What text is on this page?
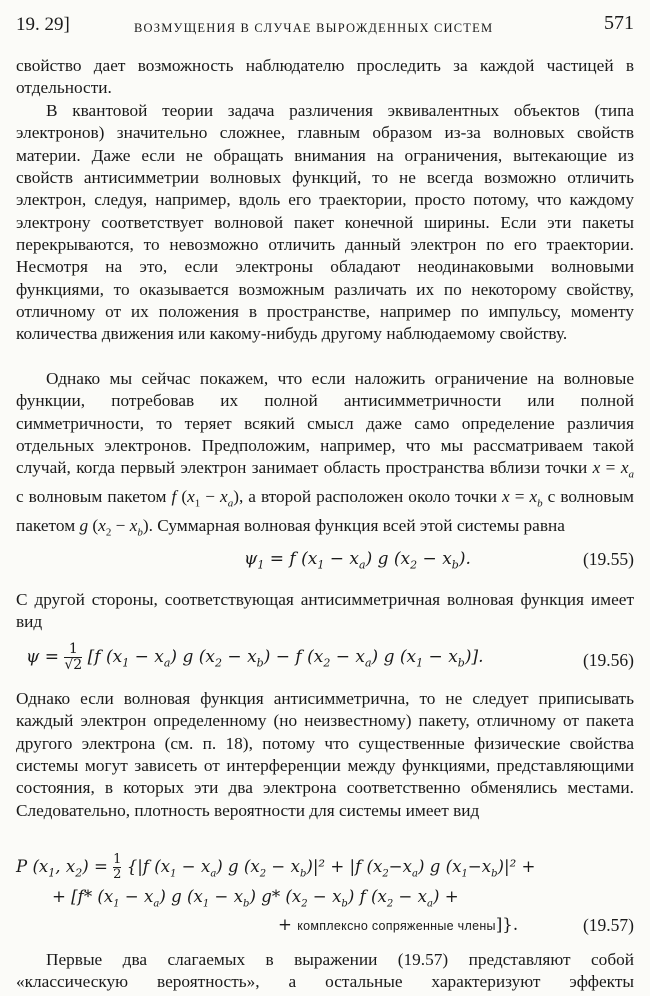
19. 29]	ВОЗМУЩЕНИЯ В СЛУЧАЕ ВЫРОЖДЕННЫХ СИСТЕМ	571

свойство дает возможность наблюдателю проследить за каждой частицей в отдельности.

В квантовой теории задача различения эквивалентных объектов (типа электронов) значительно сложнее, главным образом из-за волновых свойств материи. Даже если не обращать внимания на ограничения, вытекающие из свойств антисимметрии волновых функций, то не всегда возможно отличить электрон, следуя, например, вдоль его траектории, просто потому, что каждому электрону соответствует волновой пакет конечной ширины. Если эти пакеты перекрываются, то невозможно отличить данный электрон по его траектории. Несмотря на это, если электроны обладают неодинаковыми волновыми функциями, то оказывается возможным различать их по некоторому свойству, отличному от их положения в пространстве, например по импульсу, моменту количества движения или какому-нибудь другому наблюдаемому свойству.

Однако мы сейчас покажем, что если наложить ограничение на волновые функции, потребовав их полной антисимметричности или полной симметричности, то теряет всякий смысл даже само определение различия отдельных электронов. Предположим, например, что мы рассматриваем такой случай, когда первый электрон занимает область пространства вблизи точки $x = x_a$ с волновым пакетом f $(x_1 - x_a)$, а второй расположен около точки $x = x_b$ с волновым пакетом g $(x_2 - x_b)$. Суммарная волновая функция всей этой системы равна

$\psi_1 = f$ $(x_1 - x_a)$ g $(x_2 - x_b)$.	(19.55)

С другой стороны, соответствующая антисимметричная волновая функция имеет вид

$\psi = \frac{1}{√2} [f$ $(x_1 - x_a)$ g $(x_2 - x_b) - f$ $(x_2 - x_a)$ g $(x_1 - x_b)$].	(19.56)

Однако если волновая функция антисимметрична, то не следует приписывать каждый электрон определенному (но неизвестному) пакету, отличному от пакета другого электрона (см. п. 18), потому что существенные физические свойства системы могут зависеть от интерференции между функциями, представляющими состояния, в которых эти два электрона соответственно обменялись местами. Следовательно, плотность вероятности для системы имеет вид

P ($x_1$, $x_2) = \frac{1}{2} \{|f$ $(x_1 - x_a)$ g $(x_2 - x_b)|^2 + |f$ $(x_2-x_a)$ g $(x_1-x_b)|^2$ +
+ [f* $(x_1 - x_a)$ g $(x_1 - x_b)$ g* $(x_2 - x_b)$ f $(x_2 - x_a)$ +
+ комплексно сопряженные члены]}.	(19.57)

Первые два слагаемых в выражении (19.57) представляют собой «классическую вероятность», а остальные характеризуют эффекты
